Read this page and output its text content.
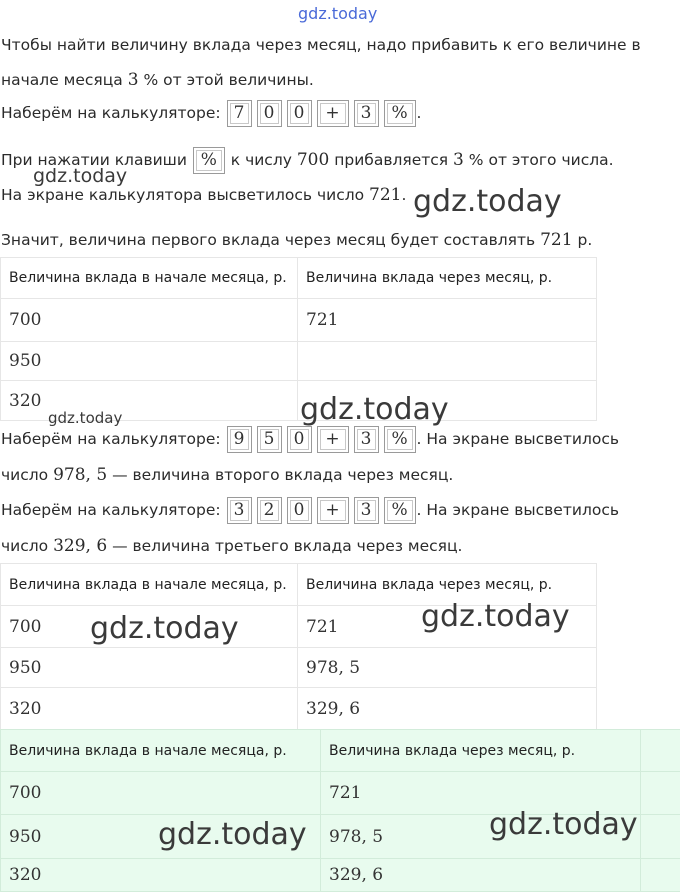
gdz.today
Чтобы найти величину вклада через месяц, надо прибавить к его величине в
начале месяца 3 % от этой величины.
Наберём на калькуляторе: 7	0	0	+	3	% .
При нажатии клавиши % к числу 700 прибавляется 3 % от этого числа.
gdz.today
На экране калькулятора высветилось число 721. gdz.today
Значит, величина первого вклада через месяц будет составлять 721 р.
Величина вклада в начале месяца, р.	Величина вклада через месяц, р.
700	721
950	
320	
gdz.today	gdz.today
Наберём на калькуляторе: 9	5	0	+	3	% . На экране высветилось
число 978, 5 — величина второго вклада через месяц.
Наберём на калькуляторе: 3	2	0	+	3	% . На экране высветилось
число 329, 6 — величина третьего вклада через месяц.
Величина вклада в начале месяца, р.	Величина вклада через месяц, р.
700	721
950	978, 5
320	329, 6
gdz.today	gdz.today
Величина вклада в начале месяца, р.	Величина вклада через месяц, р.	
700	721	
950	978, 5	
320	329, 6	
gdz.today	gdz.today
